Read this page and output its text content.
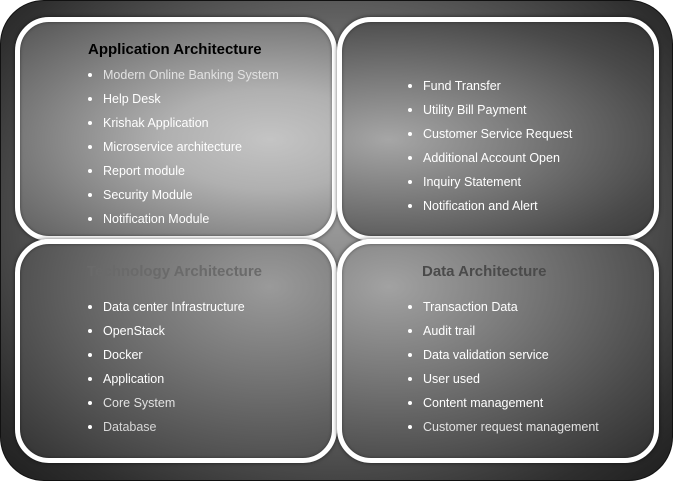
Application Architecture
Modern Online Banking System
Help Desk
Krishak Application
Microservice architecture
Report module
Security Module
Notification Module
Fund Transfer
Utility Bill Payment
Customer Service Request
Additional Account Open
Inquiry Statement
Notification and Alert
Technology Architecture
Data center Infrastructure
OpenStack
Docker
Application
Core System
Database
Data Architecture
Transaction Data
Audit trail
Data validation service
User used
Content management
Customer request management
